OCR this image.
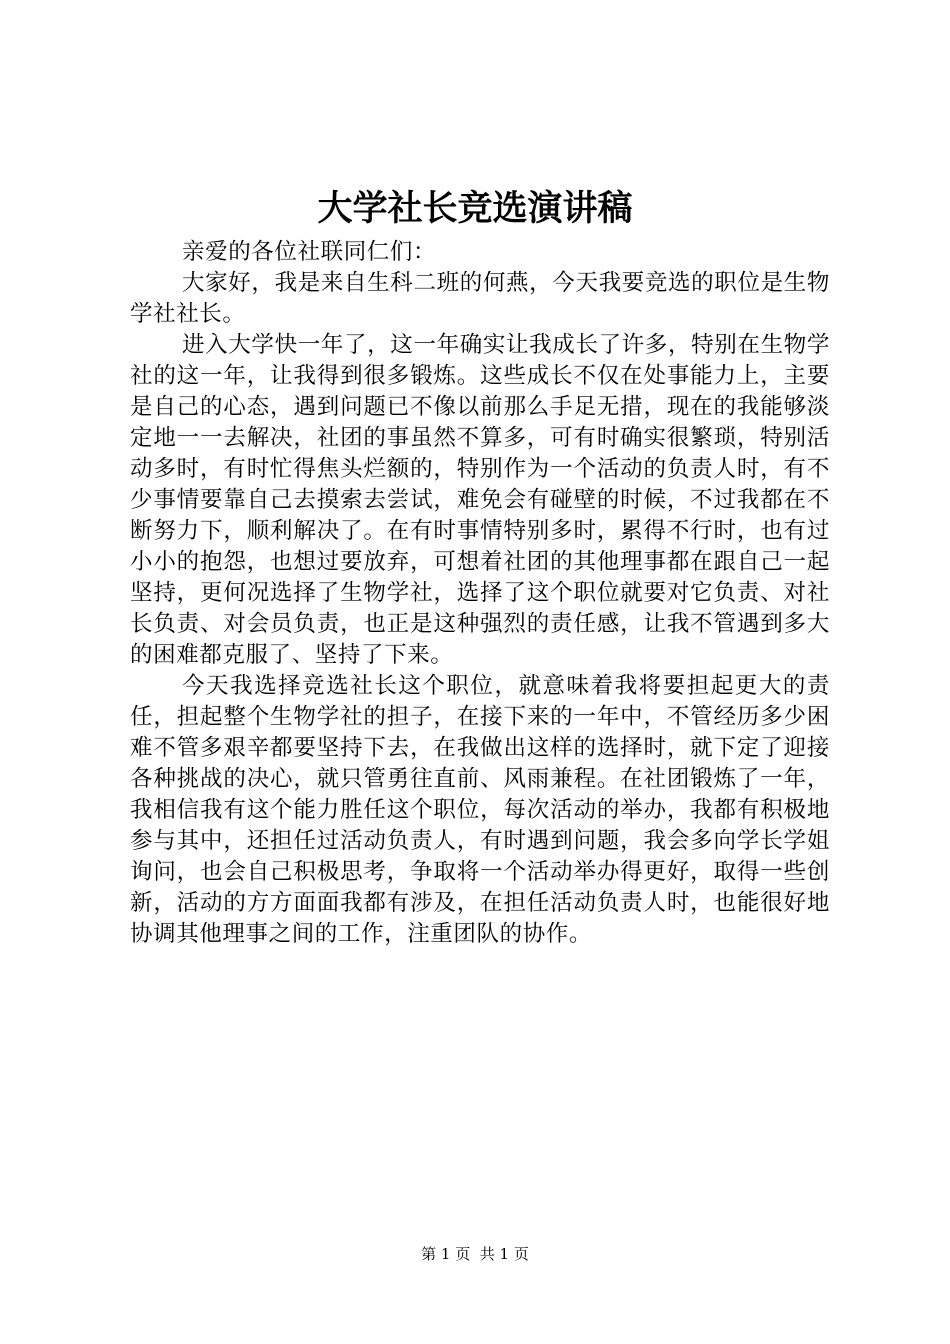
大学社长竞选演讲稿

亲爱的各位社联同仁们：

大家好，我是来自生科二班的何燕，今天我要竞选的职位是生物学社社长。

进入大学快一年了，这一年确实让我成长了许多，特别在生物学社的这一年，让我得到很多锻炼。这些成长不仅在处事能力上，主要是自己的心态，遇到问题已不像以前那么手足无措，现在的我能够淡定地一一去解决，社团的事虽然不算多，可有时确实很繁琐，特别活动多时，有时忙得焦头烂额的，特别作为一个活动的负责人时，有不少事情要靠自己去摸索去尝试，难免会有碰壁的时候，不过我都在不断努力下，顺利解决了。在有时事情特别多时，累得不行时，也有过小小的抱怨，也想过要放弃，可想着社团的其他理事都在跟自己一起坚持，更何况选择了生物学社，选择了这个职位就要对它负责、对社长负责、对会员负责，也正是这种强烈的责任感，让我不管遇到多大的困难都克服了、坚持了下来。

今天我选择竞选社长这个职位，就意味着我将要担起更大的责任，担起整个生物学社的担子，在接下来的一年中，不管经历多少困难不管多艰辛都要坚持下去，在我做出这样的选择时，就下定了迎接各种挑战的决心，就只管勇往直前、风雨兼程。在社团锻炼了一年，我相信我有这个能力胜任这个职位，每次活动的举办，我都有积极地参与其中，还担任过活动负责人，有时遇到问题，我会多向学长学姐询问，也会自己积极思考，争取将一个活动举办得更好，取得一些创新，活动的方方面面我都有涉及，在担任活动负责人时，也能很好地协调其他理事之间的工作，注重团队的协作。

第 1 页 共 1 页
